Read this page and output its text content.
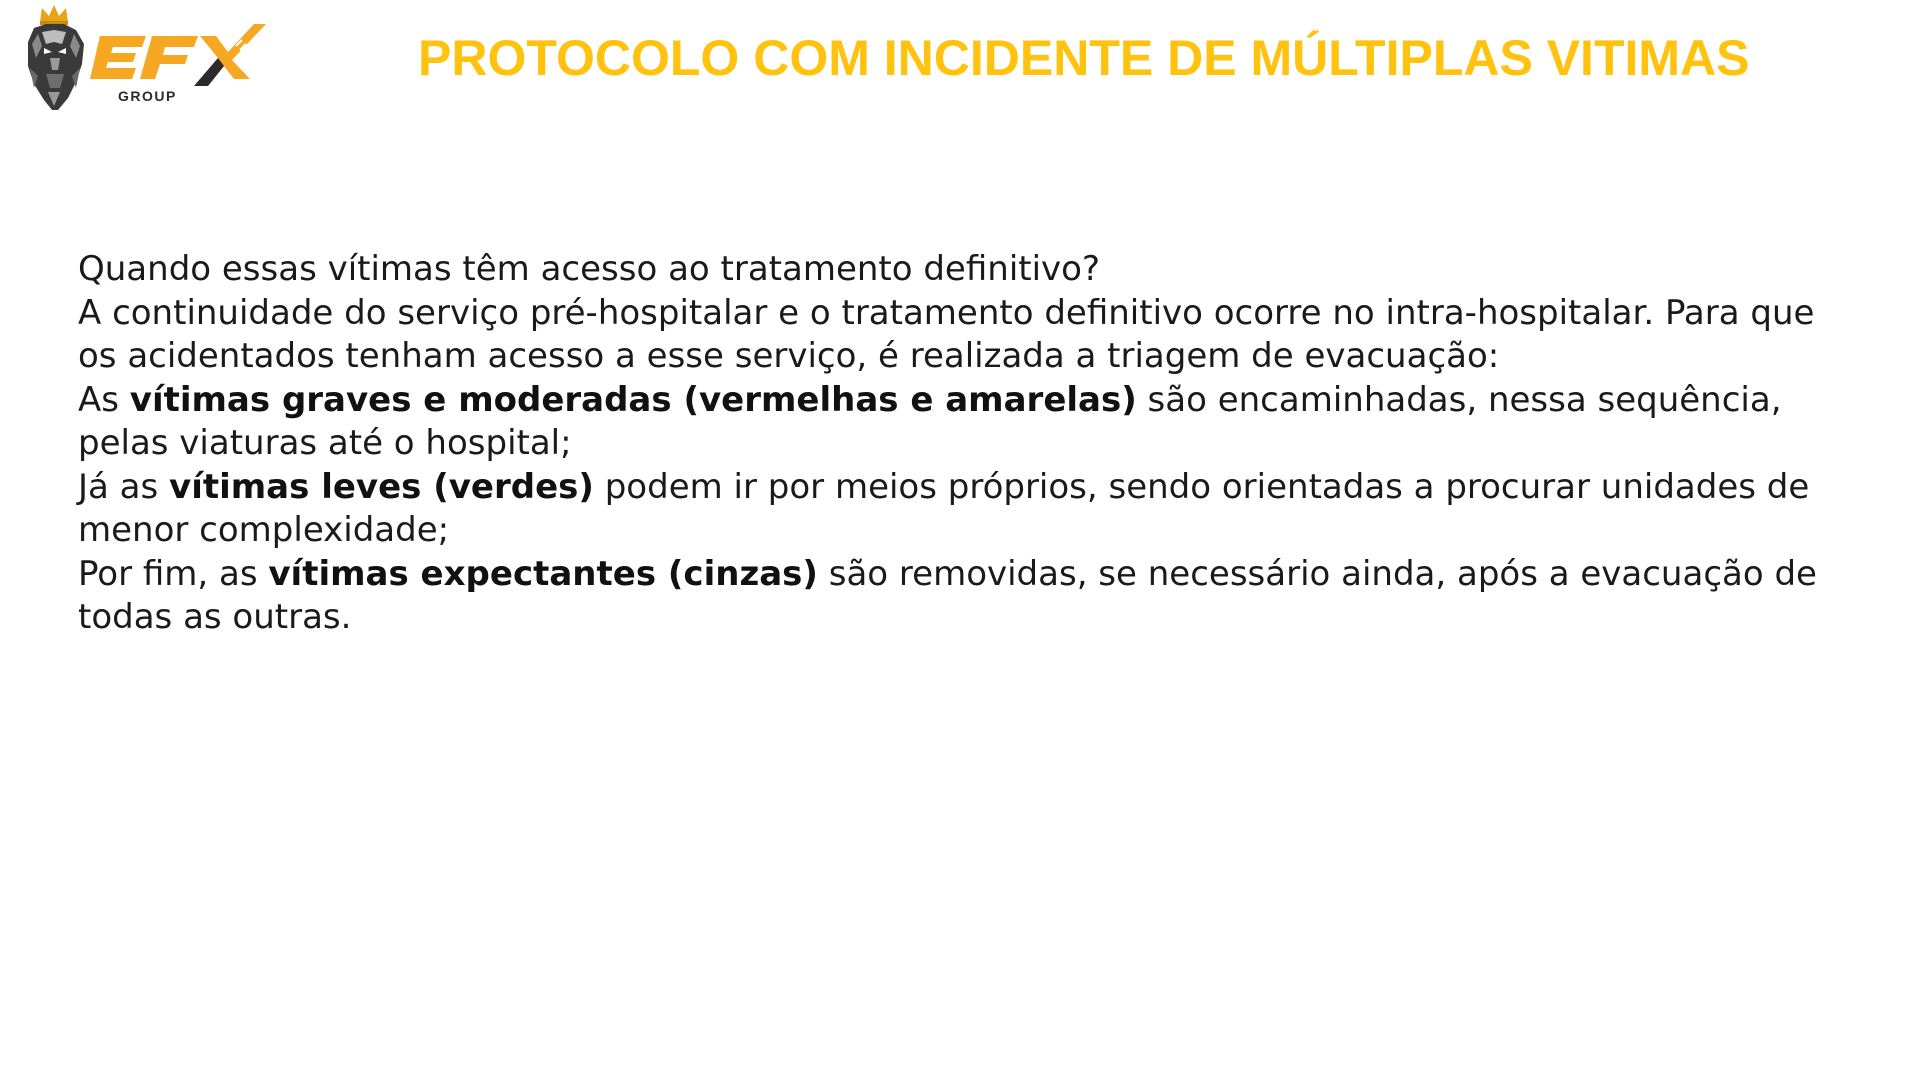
GROUP
PROTOCOLO COM INCIDENTE DE MÚLTIPLAS VITIMAS

Quando essas vítimas têm acesso ao tratamento definitivo?

A continuidade do serviço pré-hospitalar e o tratamento definitivo ocorre no intra-hospitalar. Para que os acidentados tenham acesso a esse serviço, é realizada a triagem de evacuação:

As vítimas graves e moderadas (vermelhas e amarelas) são encaminhadas, nessa sequência, pelas viaturas até o hospital;

Já as vítimas leves (verdes) podem ir por meios próprios, sendo orientadas a procurar unidades de menor complexidade;

Por fim, as vítimas expectantes (cinzas) são removidas, se necessário ainda, após a evacuação de todas as outras.
